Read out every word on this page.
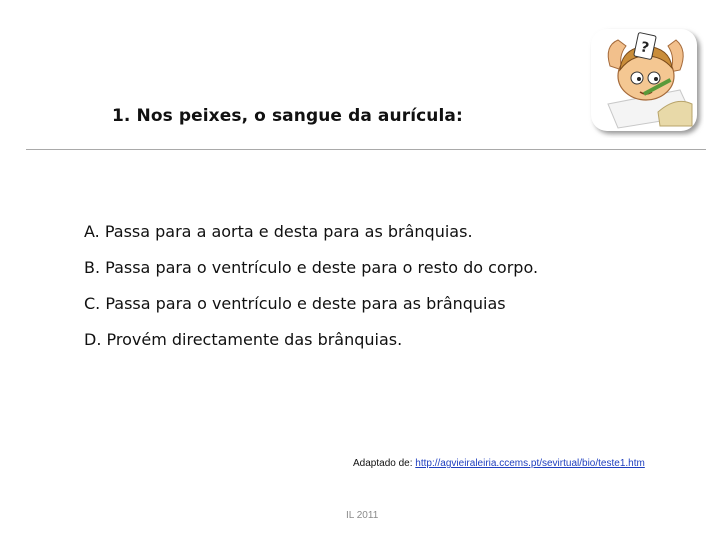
?
1. Nos peixes, o sangue da aurícula:
A. Passa para a aorta e desta para as brânquias.
B. Passa para o ventrículo e deste para o resto do corpo.
C. Passa para o ventrículo e deste para as brânquias
D. Provém directamente das brânquias.
Adaptado de: http://agvieiraleiria.ccems.pt/sevirtual/bio/teste1.htm
IL 2011
